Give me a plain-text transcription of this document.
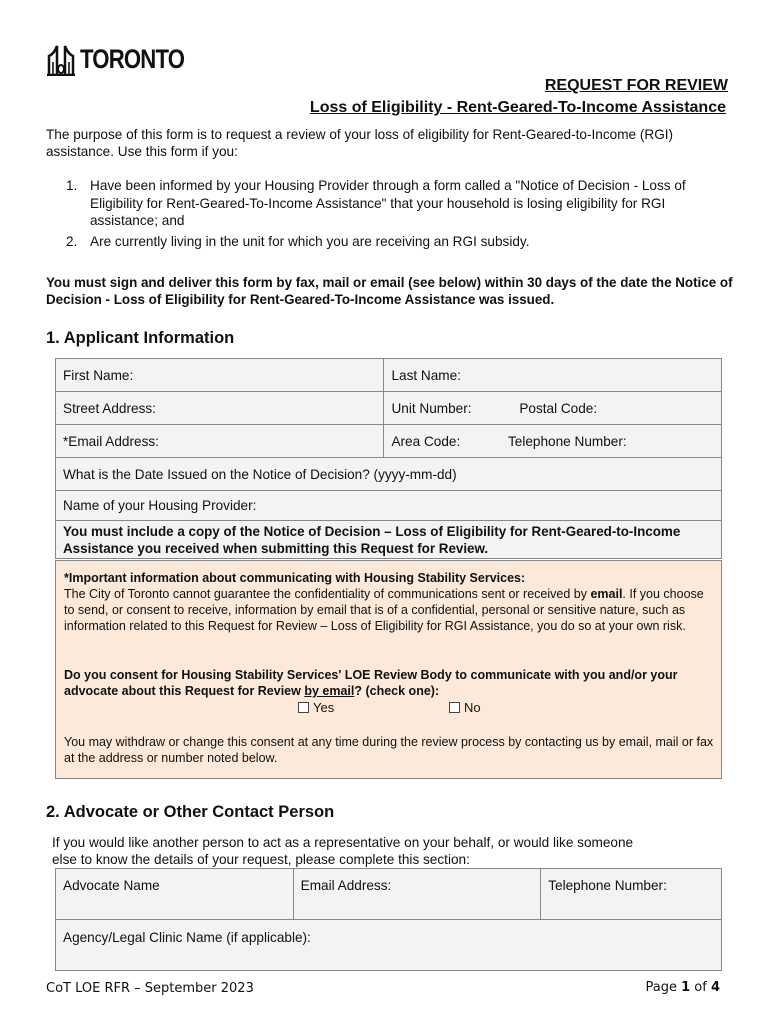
TORONTO
REQUEST FOR REVIEW
Loss of Eligibility - Rent-Geared-To-Income Assistance
The purpose of this form is to request a review of your loss of eligibility for Rent-Geared-to-Income (RGI) assistance. Use this form if you:
1. Have been informed by your Housing Provider through a form called a "Notice of Decision - Loss of Eligibility for Rent-Geared-To-Income Assistance" that your household is losing eligibility for RGI assistance; and
2. Are currently living in the unit for which you are receiving an RGI subsidy.
You must sign and deliver this form by fax, mail or email (see below) within 30 days of the date the Notice of Decision - Loss of Eligibility for Rent-Geared-To-Income Assistance was issued.
1. Applicant Information
First Name:	Last Name:
Street Address:	Unit Number: Postal Code:
*Email Address:	Area Code: Telephone Number:
What is the Date Issued on the Notice of Decision? (yyyy-mm-dd)	
Name of your Housing Provider:	
You must include a copy of the Notice of Decision – Loss of Eligibility for Rent-Geared-to-Income Assistance you received when submitting this Request for Review.	
*Important information about communicating with Housing Stability Services:
The City of Toronto cannot guarantee the confidentiality of communications sent or received by email. If you choose to send, or consent to receive, information by email that is of a confidential, personal or sensitive nature, such as information related to this Request for Review – Loss of Eligibility for RGI Assistance, you do so at your own risk.
Do you consent for Housing Stability Services' LOE Review Body to communicate with you and/or your advocate about this Request for Review by email? (check one):
Yes	No
You may withdraw or change this consent at any time during the review process by contacting us by email, mail or fax at the address or number noted below.
2. Advocate or Other Contact Person
If you would like another person to act as a representative on your behalf, or would like someone else to know the details of your request, please complete this section:
Advocate Name	Email Address:	Telephone Number:
Agency/Legal Clinic Name (if applicable):
CoT LOE RFR – September 2023	Page 1 of 4
